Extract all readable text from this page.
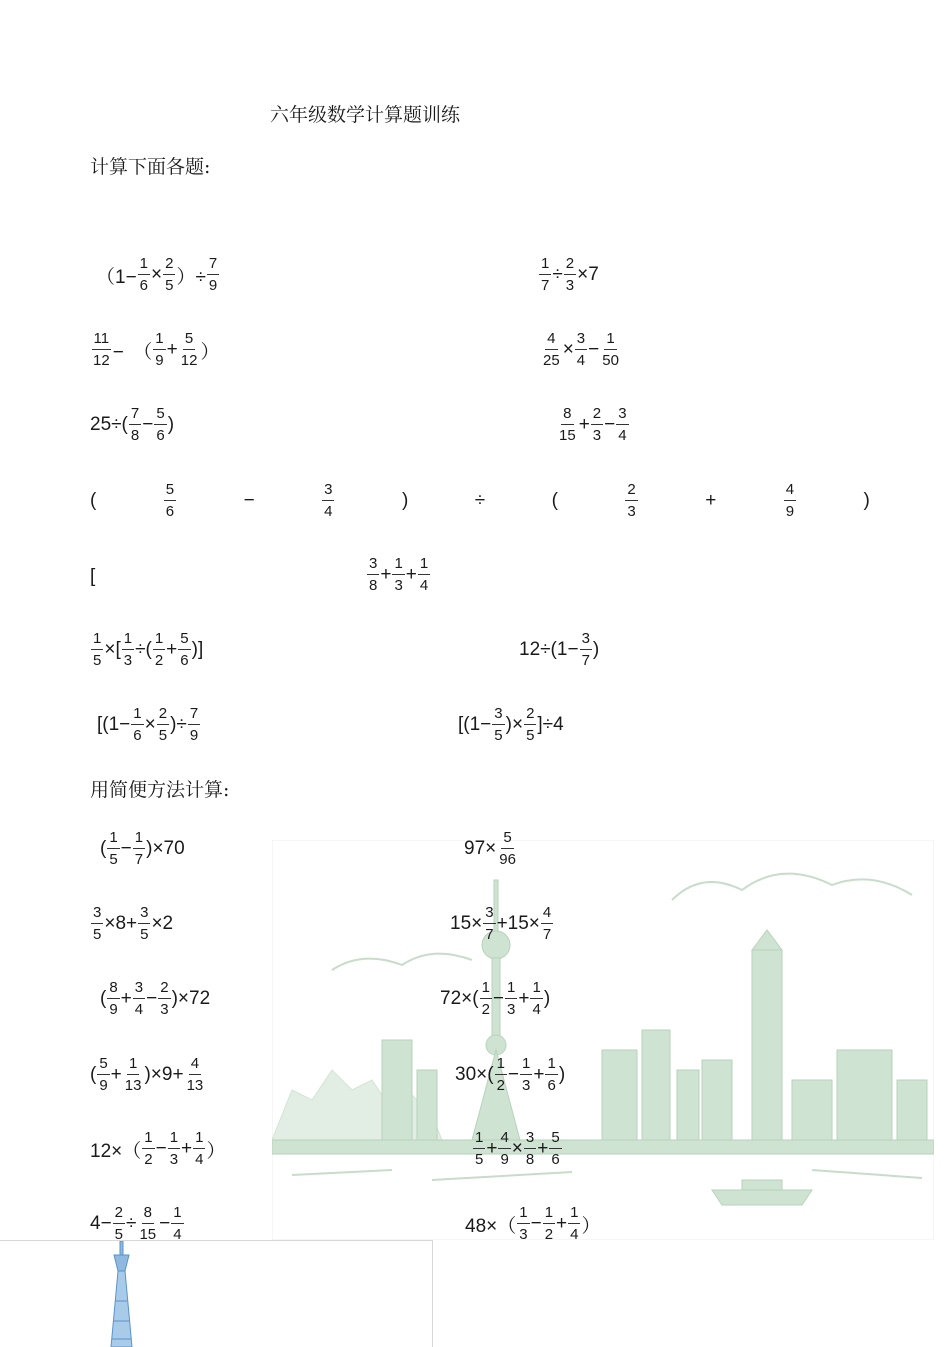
六年级数学计算题训练
计算下面各题:
用简便方法计算:
（$1- \frac{1}{6} \times \frac{2}{5}$ ）÷ $\frac{7}{9}$	$\frac{1}{7} \div \frac{2}{3} \times 7$
$\frac{11}{12}$ −　（ $\frac{1}{9} + \frac{5}{12}$ ）	$\frac{4}{25} \times \frac{3}{4} - \frac{1}{50}$
$25\div( \frac{7}{8} - \frac{5}{6}$ )	$\frac{8}{15} + \frac{2}{3} - \frac{3}{4}$
(	$\frac{5}{6}$	−	$\frac{3}{4}$	)	÷	(	$\frac{2}{3}$	+	$\frac{4}{9}$	)
[	$\frac{3}{8} + \frac{1}{3} + \frac{1}{4}$
$\frac{1}{5}$ ×[ $\frac{1}{3}$ ÷( $\frac{1}{2} + \frac{5}{6}$ )]	$12\div(1- \frac{3}{7}$ )
[($1- \frac{1}{6} \times \frac{2}{5}$ )÷ $\frac{7}{9}$	[($1- \frac{3}{5}$ )× $\frac{2}{5} ]\div 4$
( $\frac{1}{5} - \frac{1}{7} )\times 70$	$97\times \frac{5}{96}$
$\frac{3}{5} \times 8+ \frac{3}{5} \times 2$	$15\times \frac{3}{7} +15\times \frac{4}{7}$
( $\frac{8}{9} + \frac{3}{4} - \frac{2}{3} )\times 72$	$72\times( \frac{1}{2} - \frac{1}{3} + \frac{1}{4}$ )
( $\frac{5}{9} + \frac{1}{13} )\times 9+ \frac{4}{13}$	$30\times( \frac{1}{2} - \frac{1}{3} + \frac{1}{6}$ )
$12\times( \frac{1}{2} - \frac{1}{3} + \frac{1}{4}$ ）	$\frac{1}{5} + \frac{4}{9} \times \frac{3}{8} + \frac{5}{6}$
$4- \frac{2}{5} \div \frac{8}{15} - \frac{1}{4}$	$48\times( \frac{1}{3} - \frac{1}{2} + \frac{1}{4}$ ）
